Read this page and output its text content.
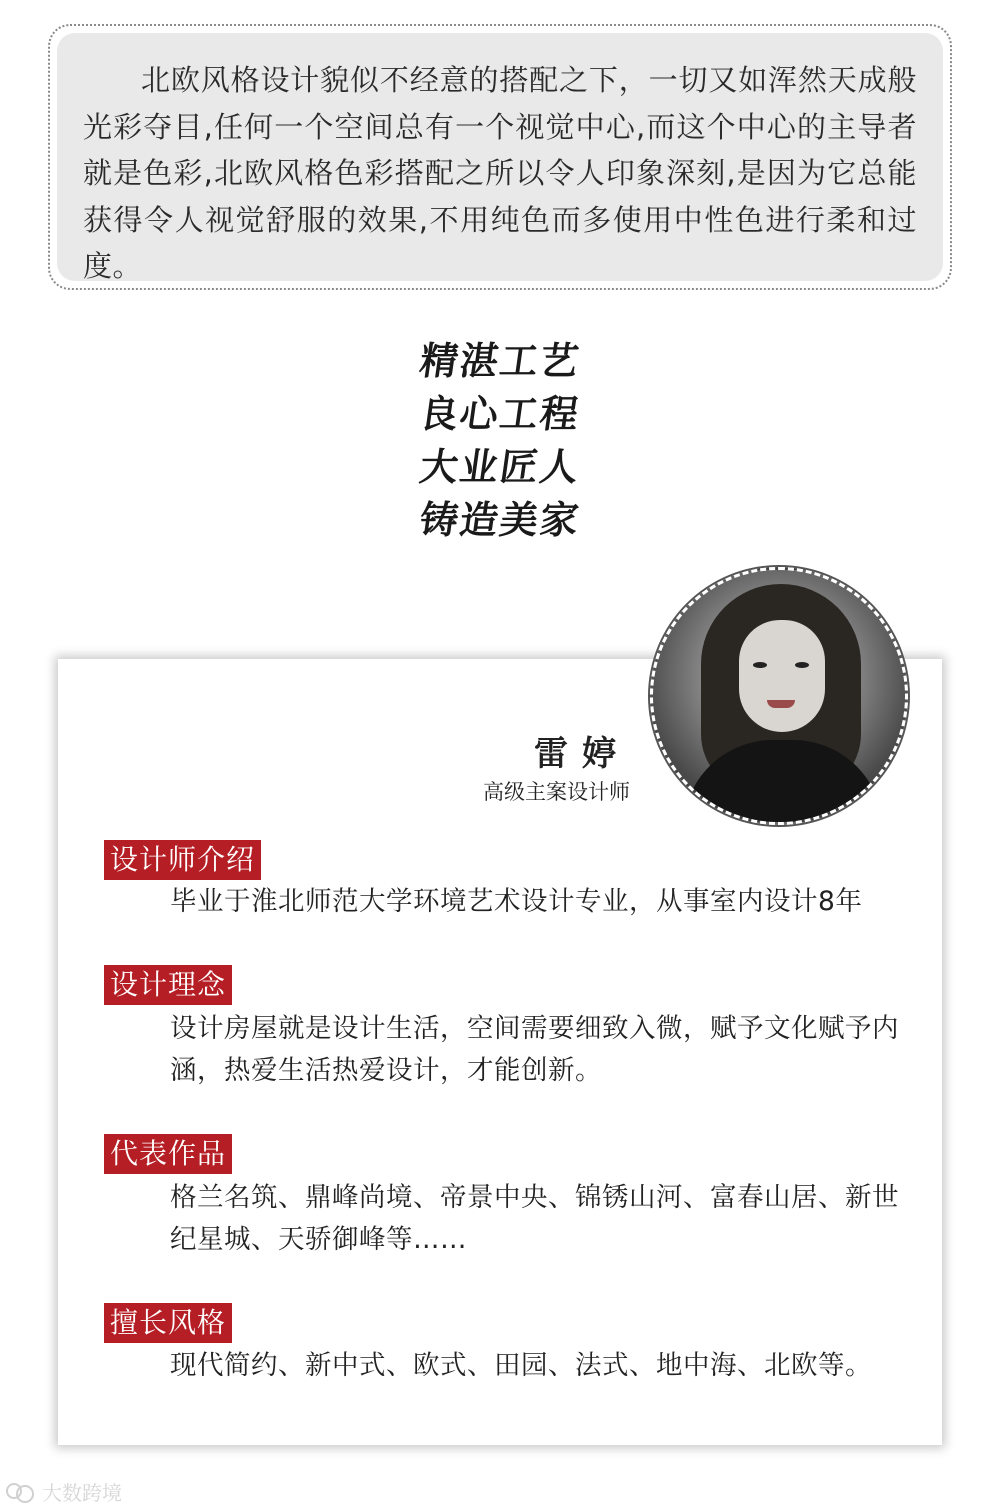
北欧风格设计貌似不经意的搭配之下，一切又如浑然天成般光彩夺目,任何一个空间总有一个视觉中心,而这个中心的主导者就是色彩,北欧风格色彩搭配之所以令人印象深刻,是因为它总能获得令人视觉舒服的效果,不用纯色而多使用中性色进行柔和过度。
精湛工艺
良心工程
大业匠人
铸造美家
雷婷
高级主案设计师
设计师介绍
毕业于淮北师范大学环境艺术设计专业，从事室内设计8年
设计理念
设计房屋就是设计生活，空间需要细致入微，赋予文化赋予内涵，热爱生活热爱设计，才能创新。
代表作品
格兰名筑、鼎峰尚境、帝景中央、锦锈山河、富春山居、新世纪星城、天骄御峰等……
擅长风格
现代简约、新中式、欧式、田园、法式、地中海、北欧等。
大数跨境
